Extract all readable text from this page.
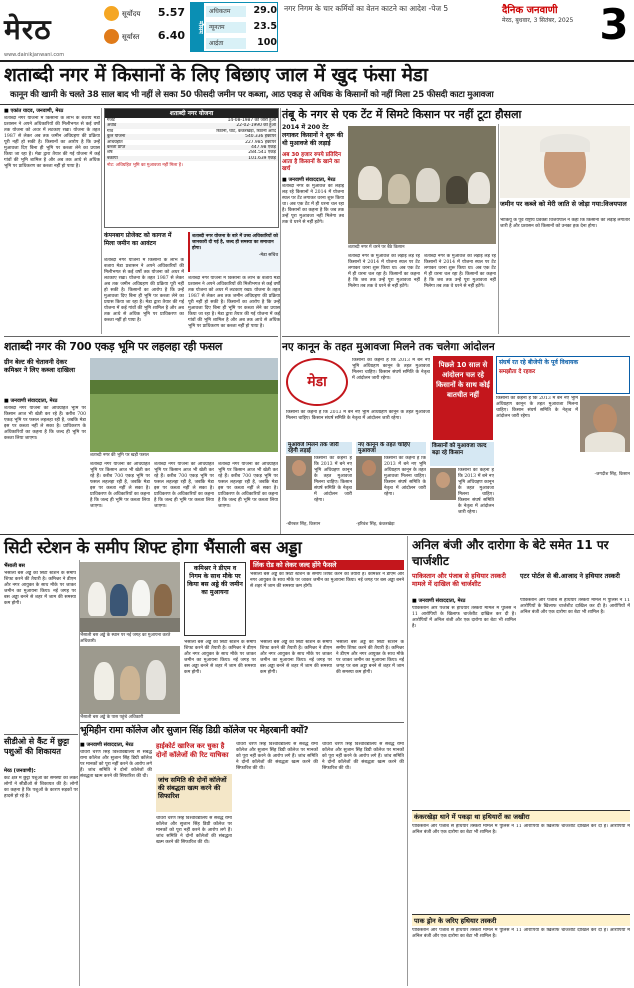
मेरठ	सूर्योदय 5.57
सूर्यास्त 6.40
मौसम
अधिकतम	29.0
न्यूनतम	23.5
आर्द्रता	100
नगर निगम के चार कर्मियों का वेतन काटने का आदेश -पेज 5	दैनिक जनवाणी
मेरठ, बुधवार, 3 सितंबर, 2025 3
www.dainikjanwani.com
शताब्दी नगर में किसानों के लिए बिछाए जाल में खुद फंसा मेडा
कानून की खामी के चलते 38 साल बाद भी नहीं ले सका 50 फीसदी जमीन पर कब्जा, आठ एकड़ से अधिक के किसानों को नहीं मिला 25 फीसदी काटा मुआवजा
■ एकांत यादव, जनवाणी, मेरठ
शताब्दी नगर योजना में किसानों के लाभ के बजाय मेडा प्रशासन ने अपने अधिकारियों की मिलीभगत से कई वर्षों तक योजना को अधर में लटकाए रखा। योजना के तहत 1987 से लेकर अब तक जमीन अधिग्रहण की प्रक्रिया पूरी नहीं हो सकी है। किसानों का आरोप है कि उन्हें मुआवजा दिए बिना ही भूमि पर कब्जा लेने का प्रयास किया जा रहा है। मेडा द्वारा तैयार की गई योजना में कई गांवों की भूमि शामिल है और अब तक आधे से अधिक भूमि पर प्राधिकरण का कब्जा नहीं हो पाया है।
शताब्दी नगर योजना
गजट	14-08-1987 को जारी हुआ
अवार्ड	22-02-1990 को हुआ
गांव	रिठानी, घाट, कंकरखेड़ा, रिठानी आदि
कुल योजना	540.336 हेक्टेयर
अधिग्रहीत	227.985 हेक्टेयर
कब्जा प्राप्त	447.98 एकड़
शेष	284.541 एकड़
बकाया	101.639 एकड़
नोट: अधिग्रहित भूमि का मुआवजा नहीं मिला है।
कंपनबाग प्रोजेक्ट को कागज में मिला जमीन का आवंटन
शताब्दी नगर योजना में किसानों के लाभ के बजाय मेडा प्रशासन ने अपने अधिकारियों की मिलीभगत से कई वर्षों तक योजना को अधर में लटकाए रखा। योजना के तहत 1987 से लेकर अब तक जमीन अधिग्रहण की प्रक्रिया पूरी नहीं हो सकी है। किसानों का आरोप है कि उन्हें मुआवजा दिए बिना ही भूमि पर कब्जा लेने का प्रयास किया जा रहा है। मेडा द्वारा तैयार की गई योजना में कई गांवों की भूमि शामिल है और अब तक आधे से अधिक भूमि पर प्राधिकरण का कब्जा नहीं हो पाया है।
शताब्दी नगर योजना के बारे में उच्च अधिकारियों को जानकारी दी गई है, जल्द ही समस्या का समाधान होगा।
-मेडा सचिव
शताब्दी नगर योजना में किसानों के लाभ के बजाय मेडा प्रशासन ने अपने अधिकारियों की मिलीभगत से कई वर्षों तक योजना को अधर में लटकाए रखा। योजना के तहत 1987 से लेकर अब तक जमीन अधिग्रहण की प्रक्रिया पूरी नहीं हो सकी है। किसानों का आरोप है कि उन्हें मुआवजा दिए बिना ही भूमि पर कब्जा लेने का प्रयास किया जा रहा है। मेडा द्वारा तैयार की गई योजना में कई गांवों की भूमि शामिल है और अब तक आधे से अधिक भूमि पर प्राधिकरण का कब्जा नहीं हो पाया है।
तंबू के नगर से एक टेंट में सिमटे किसान पर नहीं टूटा हौसला
2014 में 200 टेंट लगाकर किसानों ने शुरू की थी मुआवजे की लड़ाई
अब 30 हजार रुपये प्रतिदिन आता है किसानों के खाने का खर्च
■ जनवाणी संवाददाता, मेरठ
शताब्दी नगर के मुआवजे की लड़ाई लड़ रहे किसानों ने 2014 में योजना स्थल पर टेंट लगाकर धरना शुरू किया था। अब एक टेंट में ही धरना चल रहा है। किसानों का कहना है कि जब तक उन्हें पूरा मुआवजा नहीं मिलेगा तब तक वे धरने से नहीं हटेंगे।
शताब्दी नगर में धरने पर बैठे किसान
शताब्दी नगर के मुआवजे की लड़ाई लड़ रहे किसानों ने 2014 में योजना स्थल पर टेंट लगाकर धरना शुरू किया था। अब एक टेंट में ही धरना चल रहा है। किसानों का कहना है कि जब तक उन्हें पूरा मुआवजा नहीं मिलेगा तब तक वे धरने से नहीं हटेंगे।
शताब्दी नगर के मुआवजे की लड़ाई लड़ रहे किसानों ने 2014 में योजना स्थल पर टेंट लगाकर धरना शुरू किया था। अब एक टेंट में ही धरना चल रहा है। किसानों का कहना है कि जब तक उन्हें पूरा मुआवजा नहीं मिलेगा तब तक वे धरने से नहीं हटेंगे।
जमीन पर कब्जे को मेरी जाति से जोड़ा गया:विजयपाल
भाकियू के पूर्व राष्ट्रीय प्रवक्ता विजयपाल ने कहा कि किसानों की लड़ाई लगातार जारी है और प्रशासन को किसानों को उनका हक देना होगा।
नए कानून के तहत मुआवजा मिलने तक चलेगा आंदोलन
मेडा
किसानों का कहना है कि 2013 में बने नए भूमि अधिग्रहण कानून के तहत मुआवजा मिलना चाहिए। किसान संघर्ष समिति के नेतृत्व में आंदोलन जारी रहेगा।
किसानों का कहना है कि 2013 में बने नए भूमि अधिग्रहण कानून के तहत मुआवजा मिलना चाहिए। किसान संघर्ष समिति के नेतृत्व में आंदोलन जारी रहेगा।
पिछले 10 साल से आंदोलन चल रहे किसानों के साथ कोई बातचीत नहीं
संघर्ष रत रहे बीजेपी के पूर्व विधायक
समझौता दे रहकर
किसानों का कहना है कि 2013 में बने नए भूमि अधिग्रहण कानून के तहत मुआवजा मिलना चाहिए। किसान संघर्ष समिति के नेतृत्व में आंदोलन जारी रहेगा।
-जगदीश सिंह, किसान
मुआवजे मिलने तक जारी रहेगी लड़ाई
किसानों का कहना है कि 2013 में बने नए भूमि अधिग्रहण कानून के तहत मुआवजा मिलना चाहिए। किसान संघर्ष समिति के नेतृत्व में आंदोलन जारी रहेगा।
-बीरबल सिंह, किसान
नए कानून के तहत चाहिए मुआवजा
किसानों का कहना है कि 2013 में बने नए भूमि अधिग्रहण कानून के तहत मुआवजा मिलना चाहिए। किसान संघर्ष समिति के नेतृत्व में आंदोलन जारी रहेगा।
-हरिवंश सिंह, कंकरखेड़ा
किसानों को मुआवजा जल्द बढ़ा रहे किसान
किसानों का कहना है कि 2013 में बने नए भूमि अधिग्रहण कानून के तहत मुआवजा मिलना चाहिए। किसान संघर्ष समिति के नेतृत्व में आंदोलन जारी रहेगा।
शताब्दी नगर की 700 एकड़ भूमि पर लहलहा रही फसल
ग्रीन बेल्ट की चेतावनी देकर कमिश्नर ने लिए कब्जा दाखिला
■ जनवाणी संवाददाता, मेरठ
शताब्दी नगर योजना की अधिग्रहित भूमि पर किसान आज भी खेती कर रहे हैं। करीब 700 एकड़ भूमि पर फसल लहलहा रही है, जबकि मेडा इस पर कब्जा नहीं ले सका है। प्राधिकरण के अधिकारियों का कहना है कि जल्द ही भूमि पर कब्जा लिया जाएगा।
शताब्दी नगर की भूमि पर खड़ी फसल
शताब्दी नगर योजना की अधिग्रहित भूमि पर किसान आज भी खेती कर रहे हैं। करीब 700 एकड़ भूमि पर फसल लहलहा रही है, जबकि मेडा इस पर कब्जा नहीं ले सका है। प्राधिकरण के अधिकारियों का कहना है कि जल्द ही भूमि पर कब्जा लिया जाएगा।
शताब्दी नगर योजना की अधिग्रहित भूमि पर किसान आज भी खेती कर रहे हैं। करीब 700 एकड़ भूमि पर फसल लहलहा रही है, जबकि मेडा इस पर कब्जा नहीं ले सका है। प्राधिकरण के अधिकारियों का कहना है कि जल्द ही भूमि पर कब्जा लिया जाएगा।
शताब्दी नगर योजना की अधिग्रहित भूमि पर किसान आज भी खेती कर रहे हैं। करीब 700 एकड़ भूमि पर फसल लहलहा रही है, जबकि मेडा इस पर कब्जा नहीं ले सका है। प्राधिकरण के अधिकारियों का कहना है कि जल्द ही भूमि पर कब्जा लिया जाएगा।
सिटी स्टेशन के समीप शिफ्ट होगा भैंसाली बस अड्डा
भैंसाली बस
भैंसाली बस अड्डे को सिटी स्टेशन के समीप शिफ्ट करने की तैयारी है। कमिश्नर ने डीएम और नगर आयुक्त के साथ मौके पर जाकर जमीन का मुआयना किया। नई जगह पर बस अड्डा बनने से शहर में जाम की समस्या कम होगी।
भैंसाली बस अड्डे के स्थान पर नई जगह का मुआयना करते अधिकारी।
कमिश्नर ने डीएम व निगम के साथ मौके पर किया बस अड्डे की जमीन का मुआयना
लिंक रोड को लेकर जल्द होंगे फैसले
भैंसाली बस अड्डे को सिटी स्टेशन के समीप शिफ्ट करने की तैयारी है। कमिश्नर ने डीएम और नगर आयुक्त के साथ मौके पर जाकर जमीन का मुआयना किया। नई जगह पर बस अड्डा बनने से शहर में जाम की समस्या कम होगी।
भैंसाली बस अड्डे के पास पहुंचे अधिकारी
भैंसाली बस अड्डे को सिटी स्टेशन के समीप शिफ्ट करने की तैयारी है। कमिश्नर ने डीएम और नगर आयुक्त के साथ मौके पर जाकर जमीन का मुआयना किया। नई जगह पर बस अड्डा बनने से शहर में जाम की समस्या कम होगी।
भैंसाली बस अड्डे को सिटी स्टेशन के समीप शिफ्ट करने की तैयारी है। कमिश्नर ने डीएम और नगर आयुक्त के साथ मौके पर जाकर जमीन का मुआयना किया। नई जगह पर बस अड्डा बनने से शहर में जाम की समस्या कम होगी।
भैंसाली बस अड्डे को सिटी स्टेशन के समीप शिफ्ट करने की तैयारी है। कमिश्नर ने डीएम और नगर आयुक्त के साथ मौके पर जाकर जमीन का मुआयना किया। नई जगह पर बस अड्डा बनने से शहर में जाम की समस्या कम होगी।
अनिल बंजी और दारोगा के बेटे समेत 11 पर चार्जशीट
पाकिस्तान और पंजाब से हथियार तस्करी मामले में दाखिल की चार्जशीट
■ जनवाणी संवाददाता, मेरठ
पाकिस्तान और पंजाब से हथियार तस्करी मामले में पुलिस ने 11 आरोपियों के खिलाफ चार्जशीट दाखिल कर दी है। आरोपियों में अनिल बंजी और एक दारोगा का बेटा भी शामिल है।
एटर पोर्टल से बी.आजाद ने हथियार तस्करी
पाकिस्तान और पंजाब से हथियार तस्करी मामले में पुलिस ने 11 आरोपियों के खिलाफ चार्जशीट दाखिल कर दी है। आरोपियों में अनिल बंजी और एक दारोगा का बेटा भी शामिल है।
कंकरखेड़ा थाने में पकड़ा था हथियारों का जखीरा
पाकिस्तान और पंजाब से हथियार तस्करी मामले में पुलिस ने 11 आरोपियों के खिलाफ चार्जशीट दाखिल कर दी है। आरोपियों में अनिल बंजी और एक दारोगा का बेटा भी शामिल है।
पाक ड्रोन के जरिए हथियार तस्करी
पाकिस्तान और पंजाब से हथियार तस्करी मामले में पुलिस ने 11 आरोपियों के खिलाफ चार्जशीट दाखिल कर दी है। आरोपियों में अनिल बंजी और एक दारोगा का बेटा भी शामिल है।
सीडीओ से कैंट में छुट्टा पशुओं की शिकायत
मेरठ (जनवाणी):
कैंट क्षेत्र में छुट्टा पशुओं की समस्या को लेकर लोगों ने सीडीओ से शिकायत की है। लोगों का कहना है कि पशुओं के कारण सड़कों पर हादसे हो रहे हैं।
भूमिहीन रामा कॉलेज और सुजान सिंह डिग्री कॉलेज पर मेहरबानी क्यों?
■ जनवाणी संवाददाता, मेरठ
चौधरी चरण सिंह विश्वविद्यालय से संबद्ध रामा कॉलेज और सुजान सिंह डिग्री कॉलेज पर मानकों को पूरा नहीं करने के आरोप लगे हैं। जांच समिति ने दोनों कॉलेजों की संबद्धता खत्म करने की सिफारिश की थी।
हाईकोर्ट खारिज कर चुका है दोनों कॉलेजों की रिट याचिका
जांच समिति की दोनों कॉलेजों की संबद्धता खत्म करने की सिफारिश
चौधरी चरण सिंह विश्वविद्यालय से संबद्ध रामा कॉलेज और सुजान सिंह डिग्री कॉलेज पर मानकों को पूरा नहीं करने के आरोप लगे हैं। जांच समिति ने दोनों कॉलेजों की संबद्धता खत्म करने की सिफारिश की थी।
चौधरी चरण सिंह विश्वविद्यालय से संबद्ध रामा कॉलेज और सुजान सिंह डिग्री कॉलेज पर मानकों को पूरा नहीं करने के आरोप लगे हैं। जांच समिति ने दोनों कॉलेजों की संबद्धता खत्म करने की सिफारिश की थी।
चौधरी चरण सिंह विश्वविद्यालय से संबद्ध रामा कॉलेज और सुजान सिंह डिग्री कॉलेज पर मानकों को पूरा नहीं करने के आरोप लगे हैं। जांच समिति ने दोनों कॉलेजों की संबद्धता खत्म करने की सिफारिश की थी।
